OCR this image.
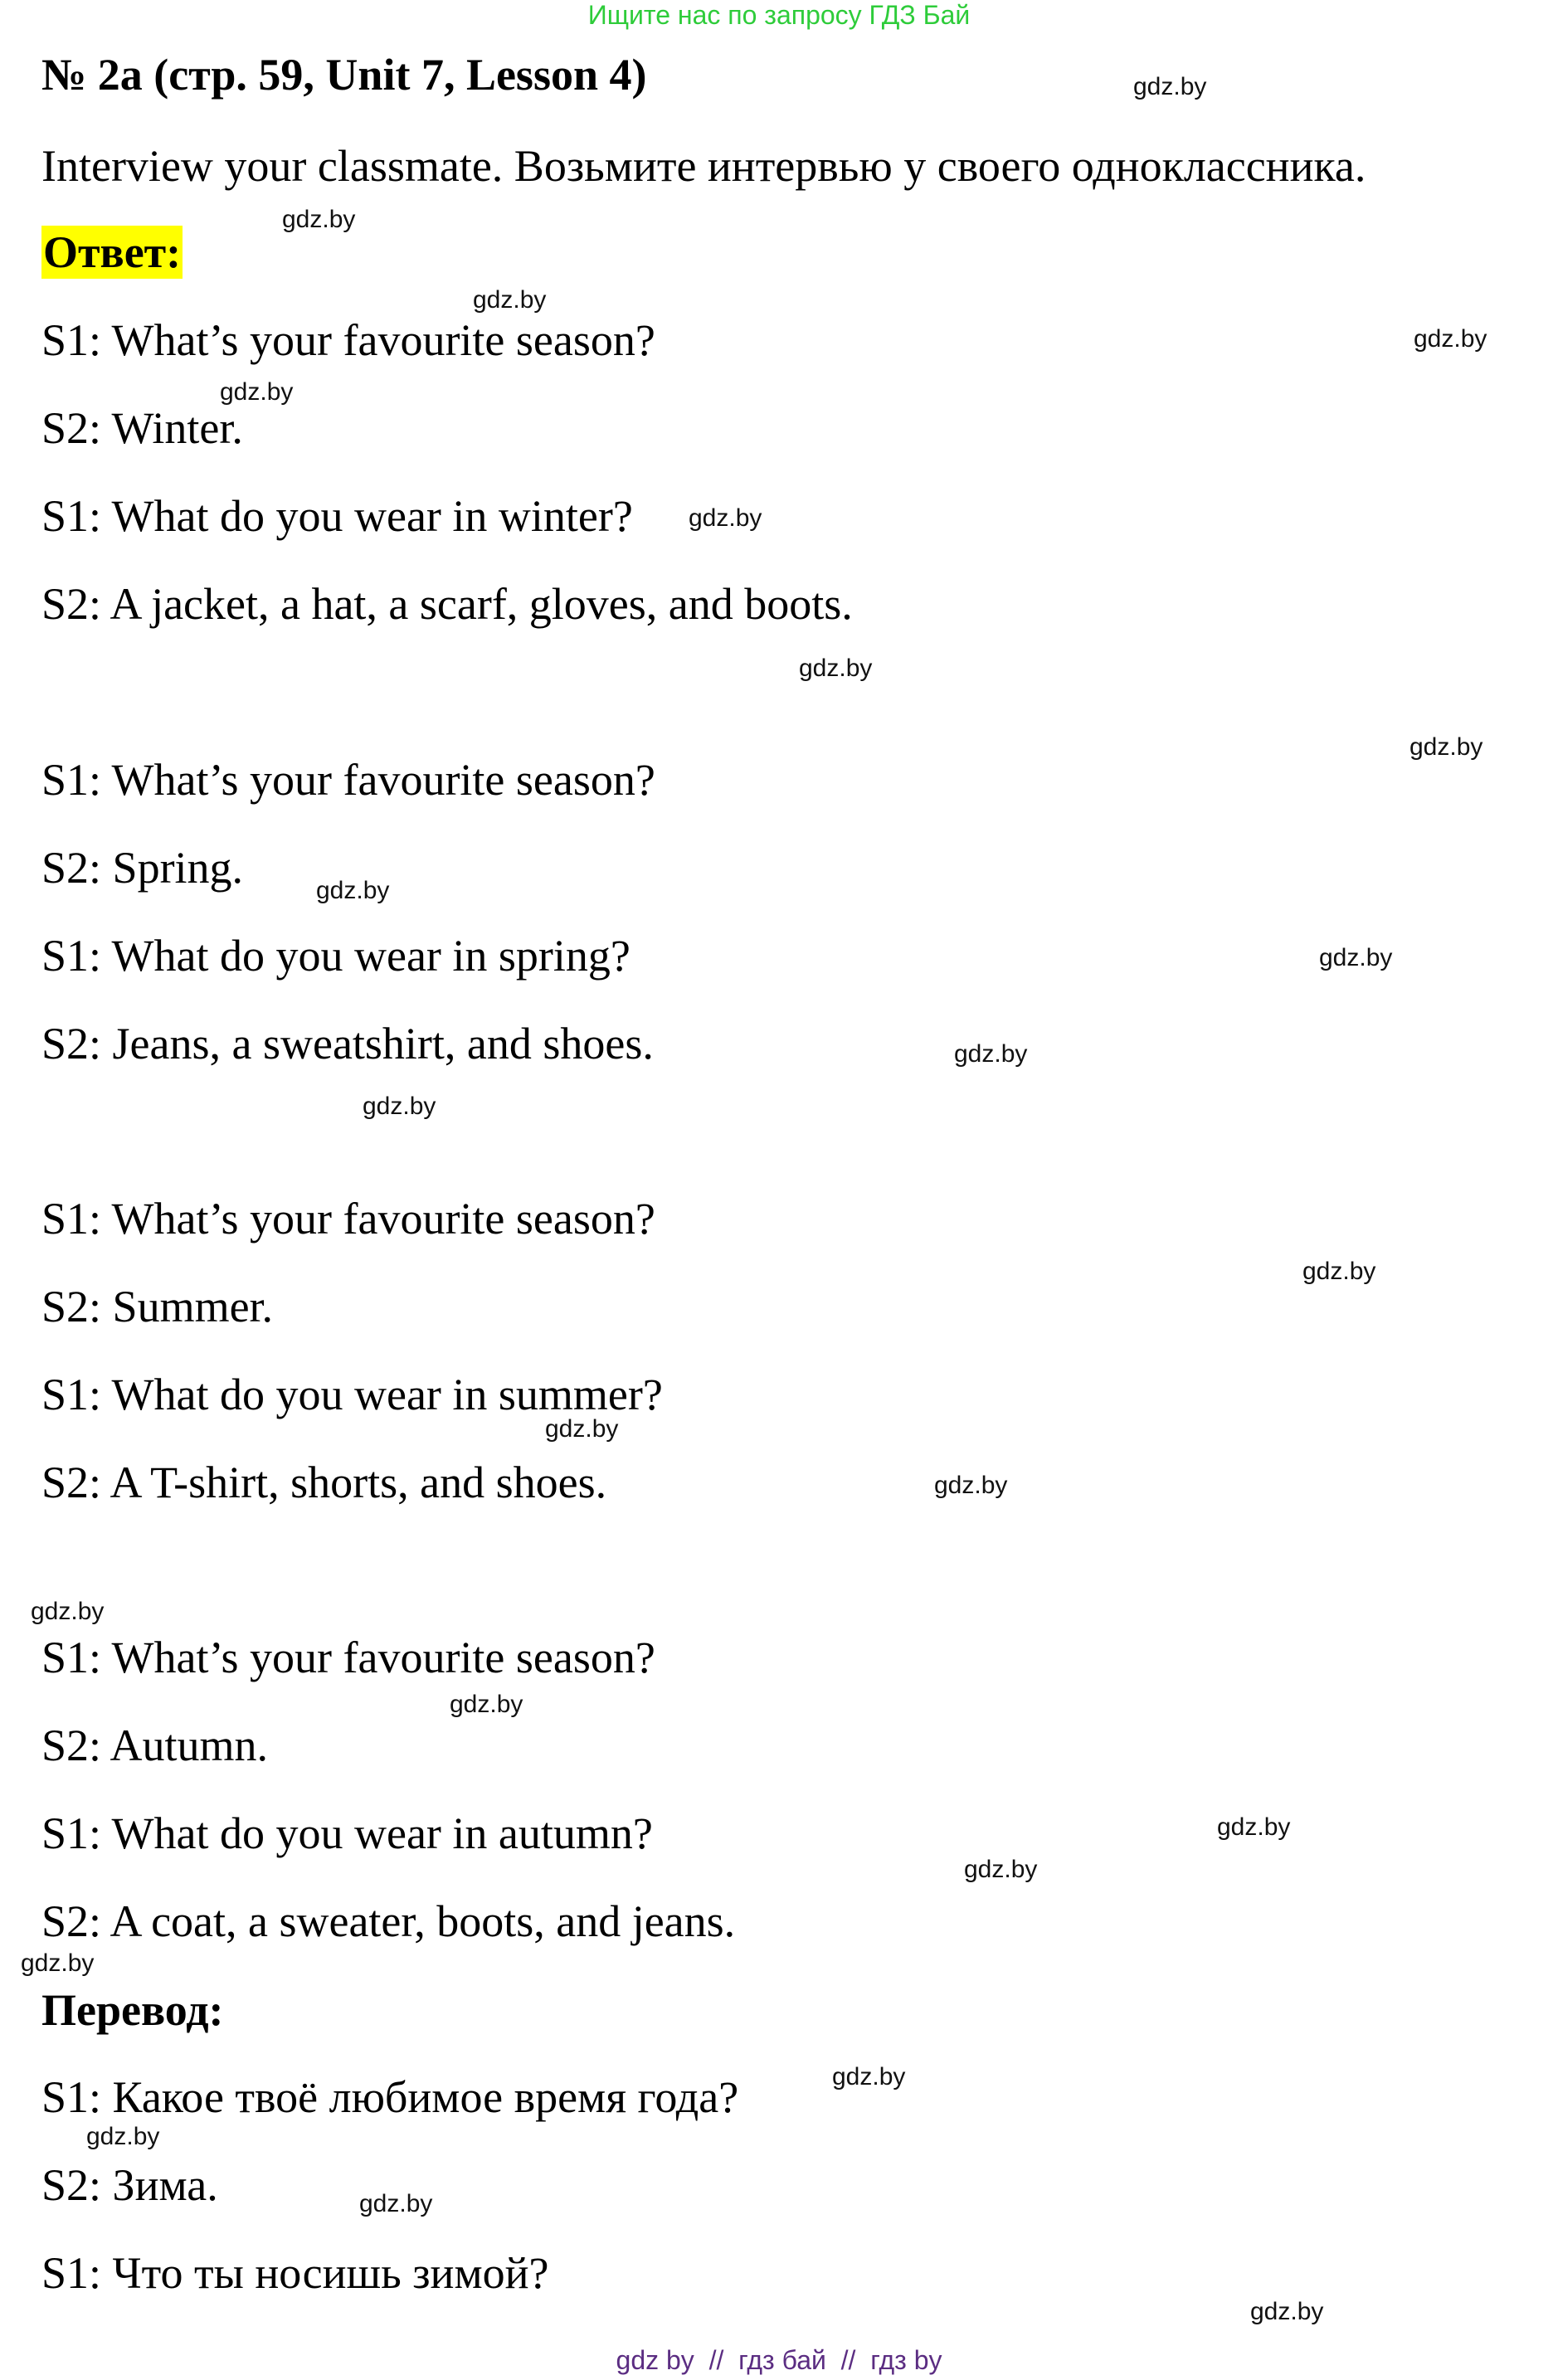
Ищите нас по запросу ГДЗ Бай
№ 2а (стр. 59, Unit 7, Lesson 4)
Interview your classmate. Возьмите интервью у своего одноклассника.
Ответ:
S1: What’s your favourite season?
S2: Winter.
S1: What do you wear in winter?
S2: A jacket, a hat, a scarf, gloves, and boots.
S1: What’s your favourite season?
S2: Spring.
S1: What do you wear in spring?
S2: Jeans, a sweatshirt, and shoes.
S1: What’s your favourite season?
S2: Summer.
S1: What do you wear in summer?
S2: A T-shirt, shorts, and shoes.
S1: What’s your favourite season?
S2: Autumn.
S1: What do you wear in autumn?
S2: A coat, a sweater, boots, and jeans.
Перевод:
S1: Какое твоё любимое время года?
S2: Зима.
S1: Что ты носишь зимой?
gdz.by
gdz.by
gdz.by
gdz.by
gdz.by
gdz.by
gdz.by
gdz.by
gdz.by
gdz.by
gdz.by
gdz.by
gdz.by
gdz.by
gdz.by
gdz.by
gdz.by
gdz.by
gdz.by
gdz.by
gdz.by
gdz.by
gdz.by
gdz.by
gdz by  //  гдз бай  //  гдз by
